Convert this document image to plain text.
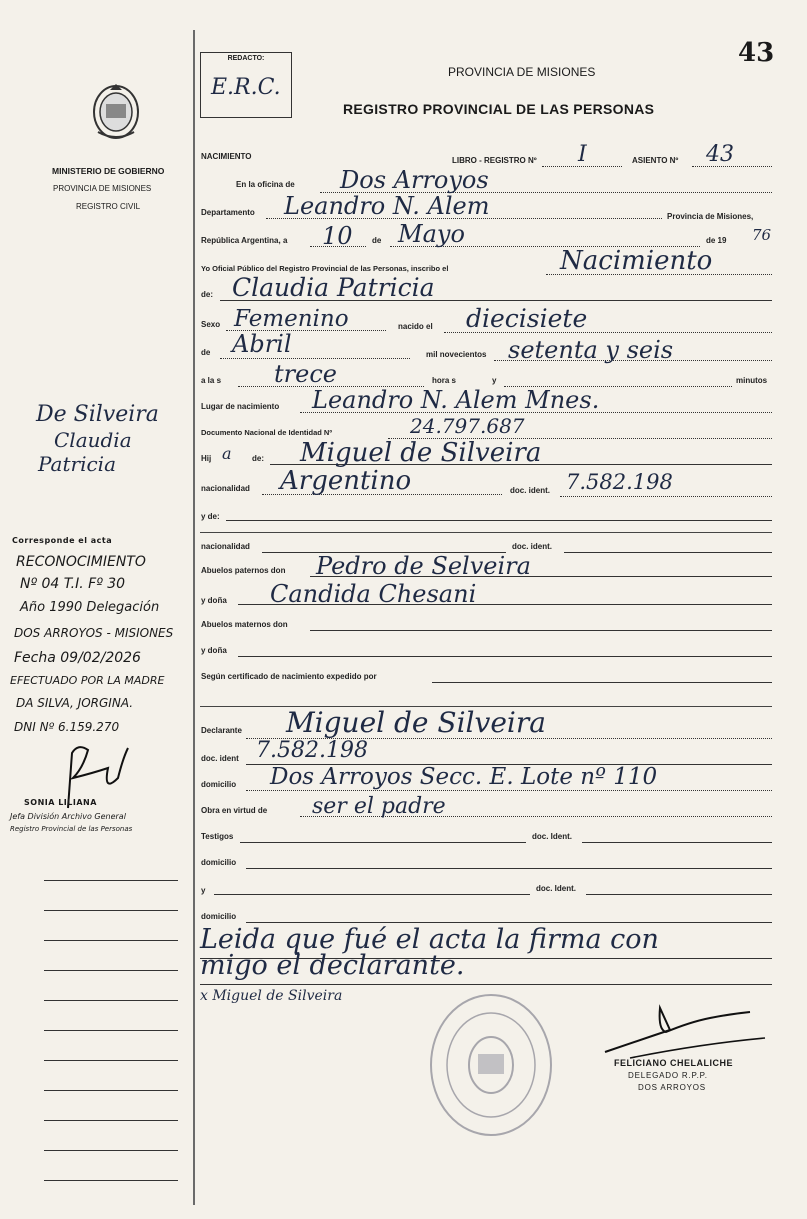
43
REDACTO:
E.R.C.
PROVINCIA DE MISIONES
REGISTRO PROVINCIAL DE LAS PERSONAS
MINISTERIO DE GOBIERNO
PROVINCIA DE MISIONES
REGISTRO CIVIL
De Silveira
Claudia
Patricia
Corresponde el acta
RECONOCIMIENTO
Nº 04 T.I. Fº 30
Año 1990 Delegación
DOS ARROYOS - MISIONES
Fecha 09/02/2026
EFECTUADO POR LA MADRE
DA SILVA, JORGINA.
DNI Nº 6.159.270
SONIA LILIANA
Jefa División Archivo General
Registro Provincial de las Personas
NACIMIENTO	LIBRO - REGISTRO Nº I	ASIENTO Nº 43
En la oficina de Dos Arroyos
Departamento Leandro N. Alem	Provincia de Misiones,
República Argentina, a 10 de Mayo	de 19 76
Yo Oficial Público del Registro Provincial de las Personas, inscribo el	Nacimiento
de: Claudia Patricia
Sexo Femenino	nacido el diecisiete
de Abril	mil novecientos setenta y seis
a la s trece	hora s	y	minutos
Lugar de nacimiento Leandro N. Alem Mnes.
Documento Nacional de Identidad Nº	24.797.687
Hij a	de: Miguel de Silveira
nacionalidad Argentino	doc. ident. 7.582.198
y de:
nacionalidad	doc. ident.
Abuelos paternos don Pedro de Selveira
y doña Candida Chesani
Abuelos maternos don
y doña
Según certificado de nacimiento expedido por
Declarante Miguel de Silveira
doc. ident 7.582.198
domicilio Dos Arroyos Secc. E. Lote nº 110
Obra en virtud de ser el padre
Testigos	doc. Ident.
domicilio
y	doc. Ident.
domicilio
Leida que fué el acta la firma con
migo el declarante.
x Miguel de Silveira
FELICIANO CHELALICHE
DELEGADO R.P.P.
DOS ARROYOS
